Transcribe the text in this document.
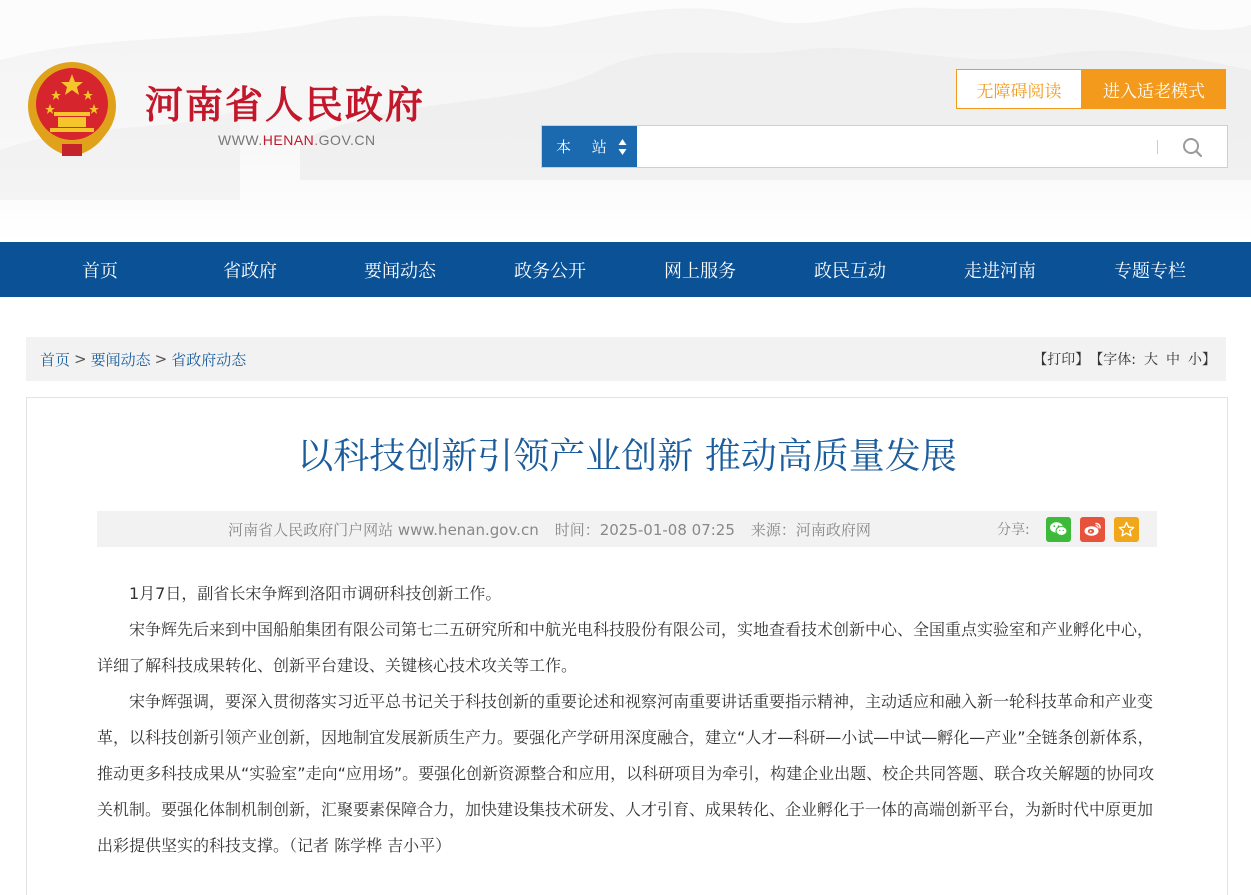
河南省人民政府
WWW.HENAN.GOV.CN
无障碍阅读	进入适老模式
本 站
首页	省政府	要闻动态	政务公开	网上服务	政民互动	走进河南	专题专栏
首页 > 要闻动态 > 省政府动态	【打印】 【字体: 大 中 小 】
以科技创新引领产业创新 推动高质量发展
河南省人民政府门户网站 www.henan.gov.cn 时间：2025-01-08 07:25 来源：河南政府网	分享:

1月7日，副省长宋争辉到洛阳市调研科技创新工作。

宋争辉先后来到中国船舶集团有限公司第七二五研究所和中航光电科技股份有限公司，实地查看技术创新中心、全国重点实验室和产业孵化中心，详细了解科技成果转化、创新平台建设、关键核心技术攻关等工作。

宋争辉强调，要深入贯彻落实习近平总书记关于科技创新的重要论述和视察河南重要讲话重要指示精神，主动适应和融入新一轮科技革命和产业变革，以科技创新引领产业创新，因地制宜发展新质生产力。要强化产学研用深度融合，建立“人才—科研—小试—中试—孵化—产业”全链条创新体系，推动更多科技成果从“实验室”走向“应用场”。要强化创新资源整合和应用，以科研项目为牵引，构建企业出题、校企共同答题、联合攻关解题的协同攻关机制。要强化体制机制创新，汇聚要素保障合力，加快建设集技术研发、人才引育、成果转化、企业孵化于一体的高端创新平台，为新时代中原更加出彩提供坚实的科技支撑。（记者 陈学桦 吉小平）
